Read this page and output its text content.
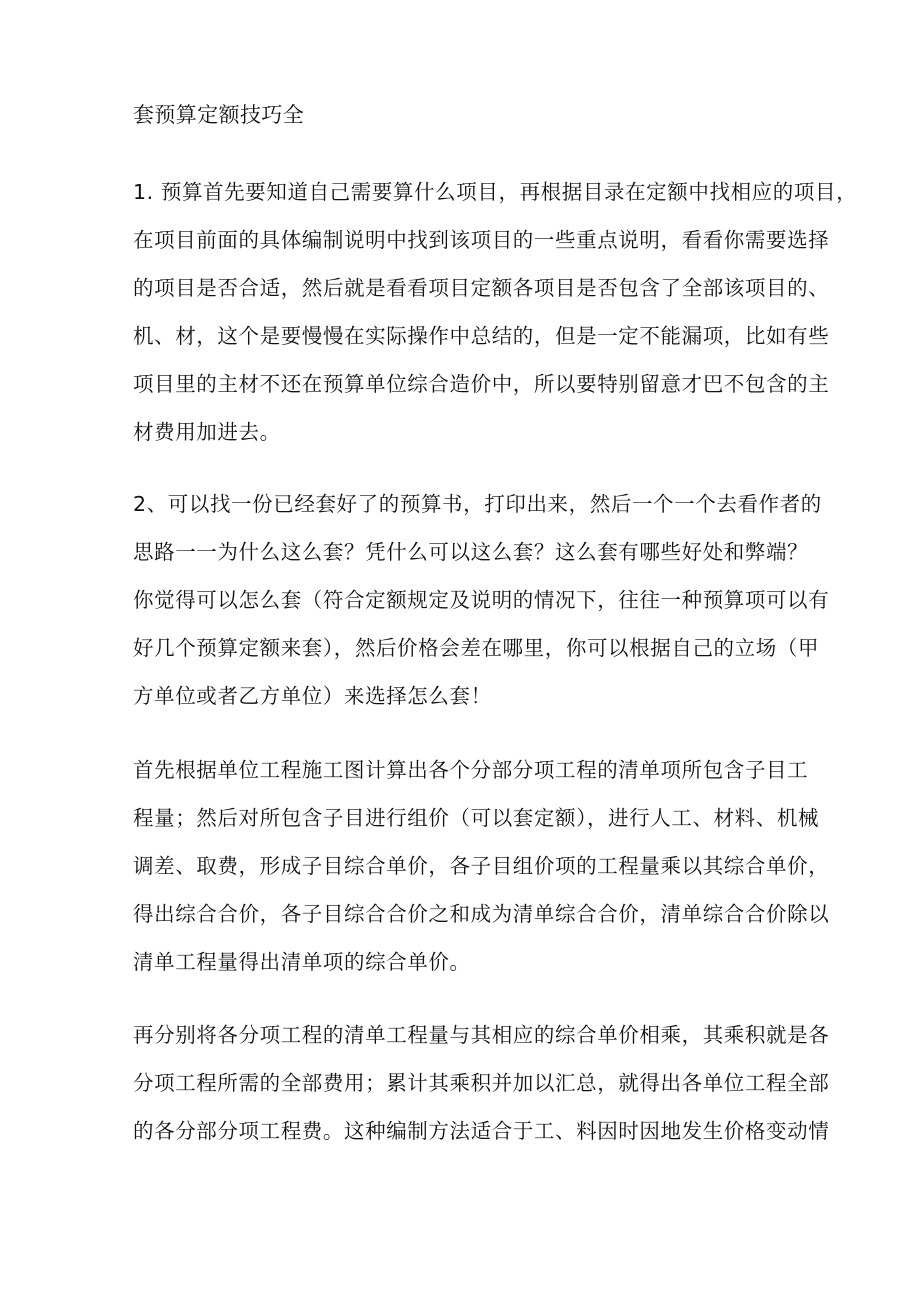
套预算定额技巧全
1. 预算首先要知道自己需要算什么项目，再根据目录在定额中找相应的项目，
在项目前面的具体编制说明中找到该项目的一些重点说明，看看你需要选择
的项目是否合适，然后就是看看项目定额各项目是否包含了全部该项目的、
机、材，这个是要慢慢在实际操作中总结的，但是一定不能漏项，比如有些
项目里的主材不还在预算单位综合造价中，所以要特别留意才巴不包含的主
材费用加进去。
2、可以找一份已经套好了的预算书，打印出来，然后一个一个去看作者的
思路一一为什么这么套？凭什么可以这么套？这么套有哪些好处和弊端？
你觉得可以怎么套（符合定额规定及说明的情况下，往往一种预算项可以有
好几个预算定额来套），然后价格会差在哪里，你可以根据自己的立场（甲
方单位或者乙方单位）来选择怎么套！
首先根据单位工程施工图计算出各个分部分项工程的清单项所包含子目工
程量；然后对所包含子目进行组价（可以套定额），进行人工、材料、机械
调差、取费，形成子目综合单价，各子目组价项的工程量乘以其综合单价，
得出综合合价，各子目综合合价之和成为清单综合合价，清单综合合价除以
清单工程量得出清单项的综合单价。
再分别将各分项工程的清单工程量与其相应的综合单价相乘，其乘积就是各
分项工程所需的全部费用；累计其乘积并加以汇总，就得出各单位工程全部
的各分部分项工程费。这种编制方法适合于工、料因时因地发生价格变动情
